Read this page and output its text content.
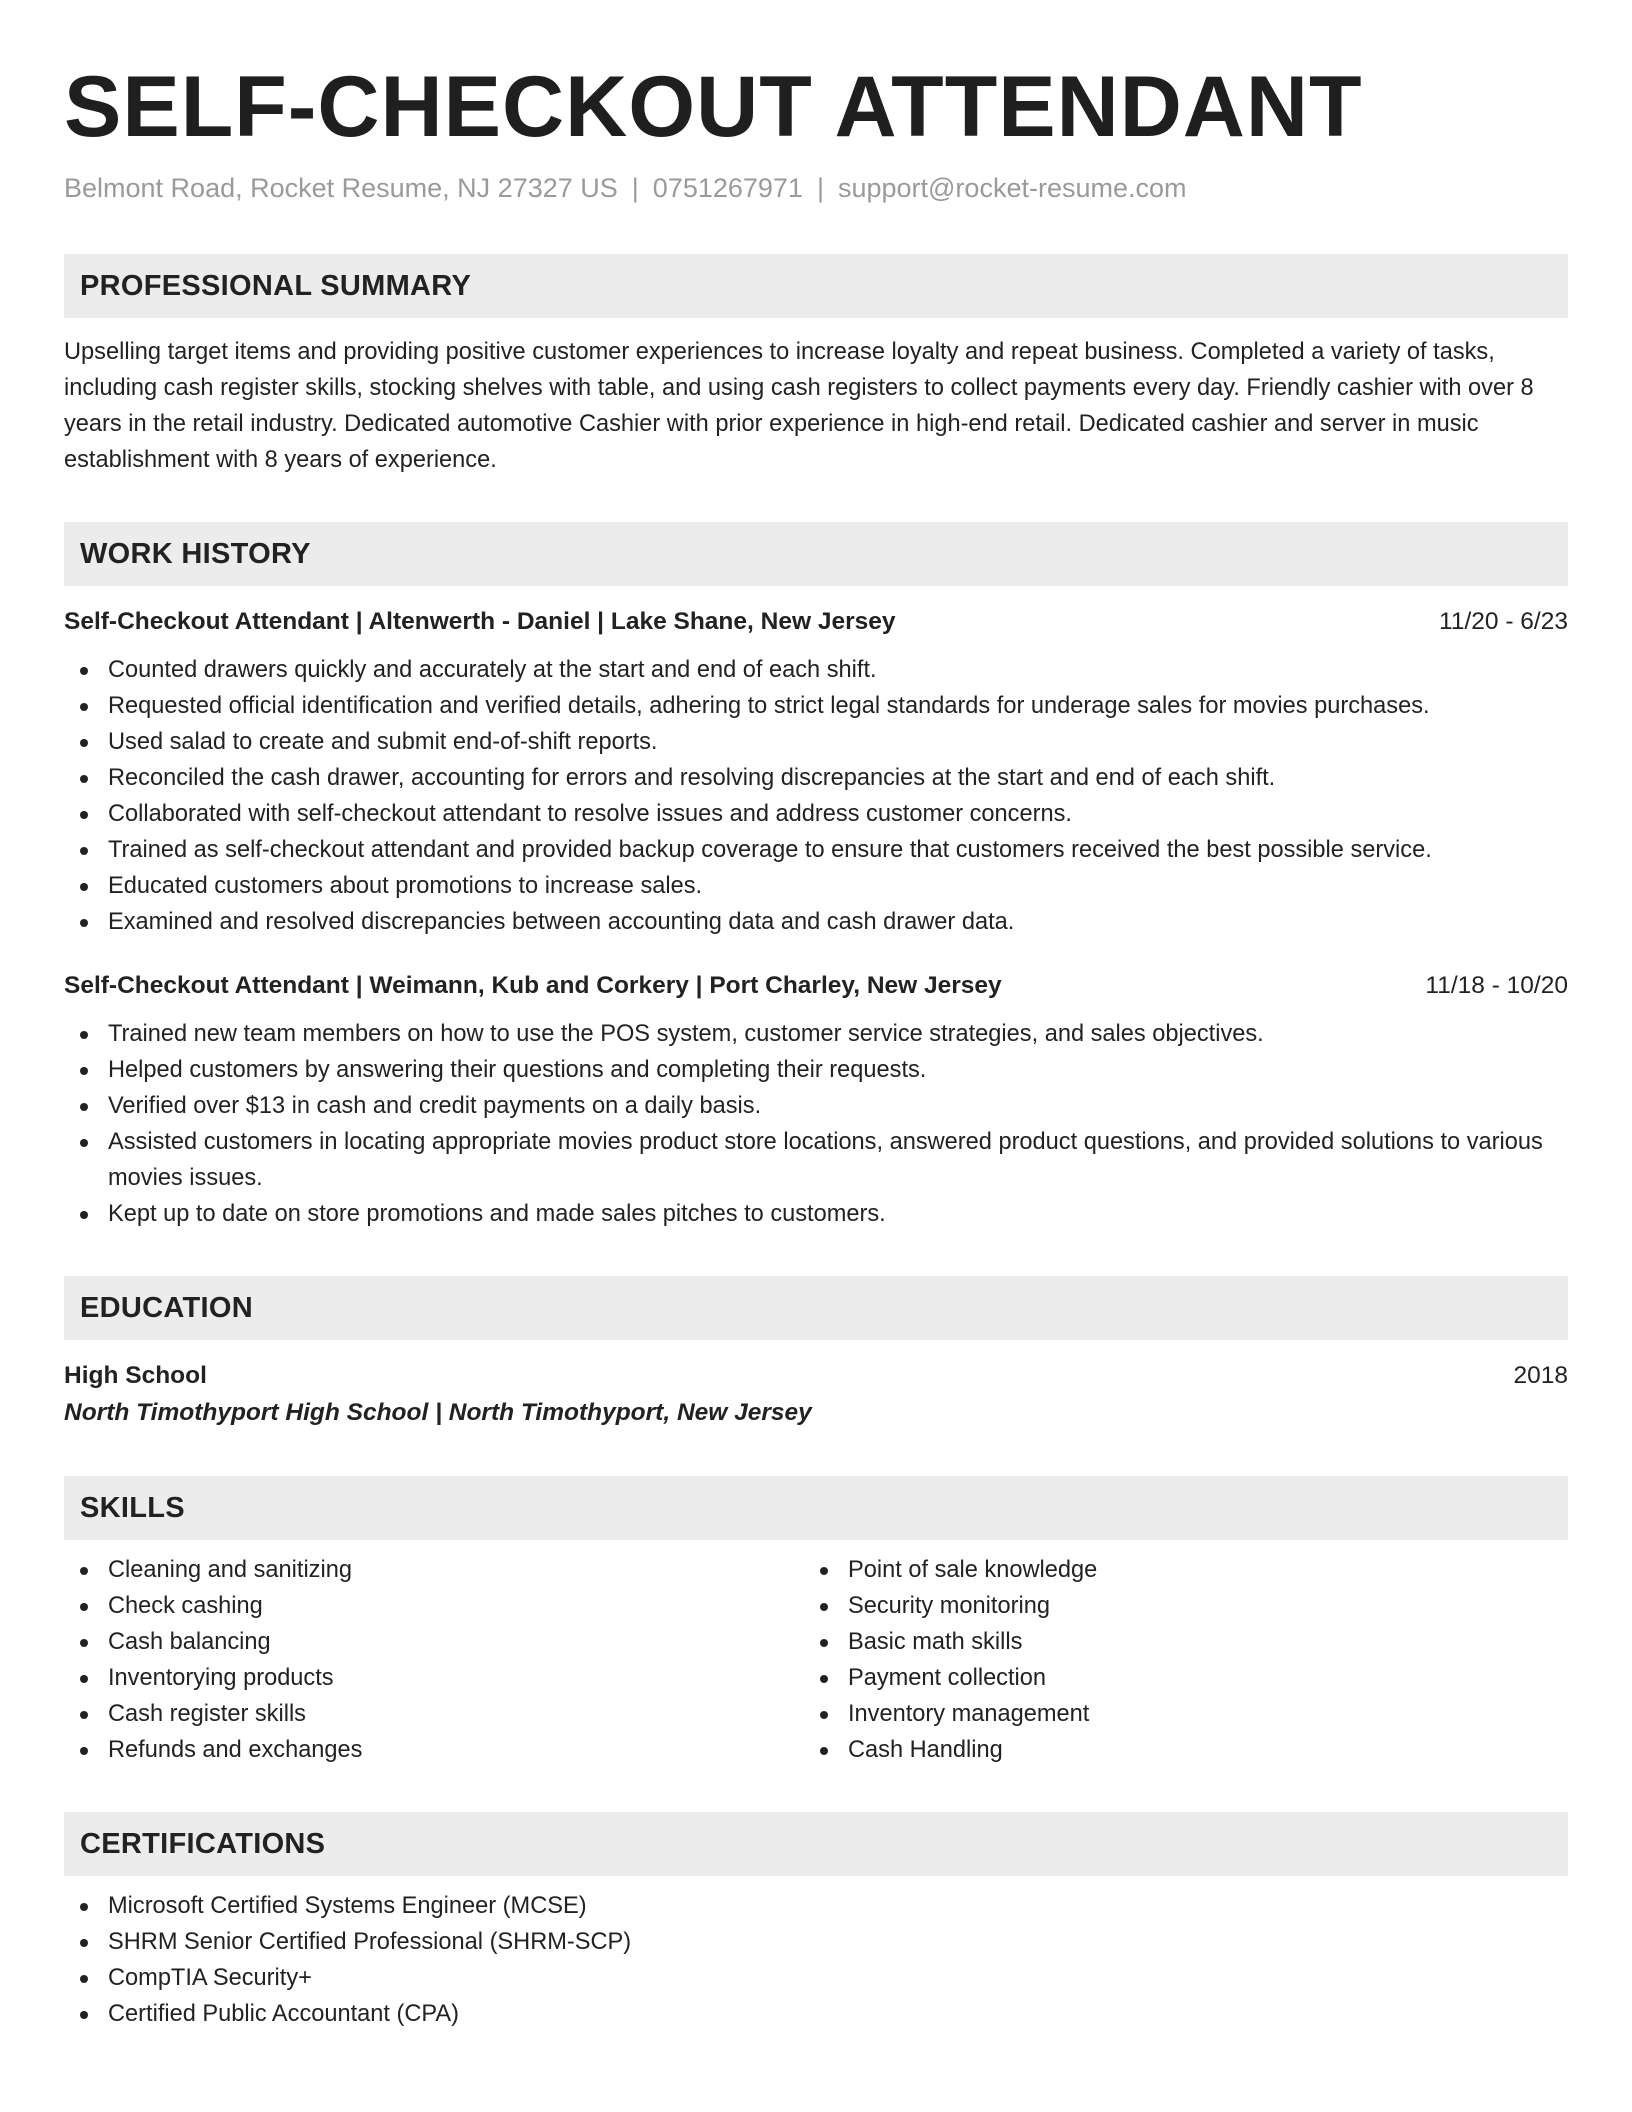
SELF-CHECKOUT ATTENDANT
Belmont Road, Rocket Resume, NJ 27327 US | 0751267971 | support@rocket-resume.com
PROFESSIONAL SUMMARY
Upselling target items and providing positive customer experiences to increase loyalty and repeat business. Completed a variety of tasks, including cash register skills, stocking shelves with table, and using cash registers to collect payments every day. Friendly cashier with over 8 years in the retail industry. Dedicated automotive Cashier with prior experience in high-end retail. Dedicated cashier and server in music establishment with 8 years of experience.
WORK HISTORY
Self-Checkout Attendant | Altenwerth - Daniel | Lake Shane, New Jersey	11/20 - 6/23
Counted drawers quickly and accurately at the start and end of each shift.
Requested official identification and verified details, adhering to strict legal standards for underage sales for movies purchases.
Used salad to create and submit end-of-shift reports.
Reconciled the cash drawer, accounting for errors and resolving discrepancies at the start and end of each shift.
Collaborated with self-checkout attendant to resolve issues and address customer concerns.
Trained as self-checkout attendant and provided backup coverage to ensure that customers received the best possible service.
Educated customers about promotions to increase sales.
Examined and resolved discrepancies between accounting data and cash drawer data.
Self-Checkout Attendant | Weimann, Kub and Corkery | Port Charley, New Jersey	11/18 - 10/20
Trained new team members on how to use the POS system, customer service strategies, and sales objectives.
Helped customers by answering their questions and completing their requests.
Verified over $13 in cash and credit payments on a daily basis.
Assisted customers in locating appropriate movies product store locations, answered product questions, and provided solutions to various movies issues.
Kept up to date on store promotions and made sales pitches to customers.
EDUCATION
High School	2018
North Timothyport High School | North Timothyport, New Jersey
SKILLS
Cleaning and sanitizing
Check cashing
Cash balancing
Inventorying products
Cash register skills
Refunds and exchanges
Point of sale knowledge
Security monitoring
Basic math skills
Payment collection
Inventory management
Cash Handling
CERTIFICATIONS
Microsoft Certified Systems Engineer (MCSE)
SHRM Senior Certified Professional (SHRM-SCP)
CompTIA Security+
Certified Public Accountant (CPA)
